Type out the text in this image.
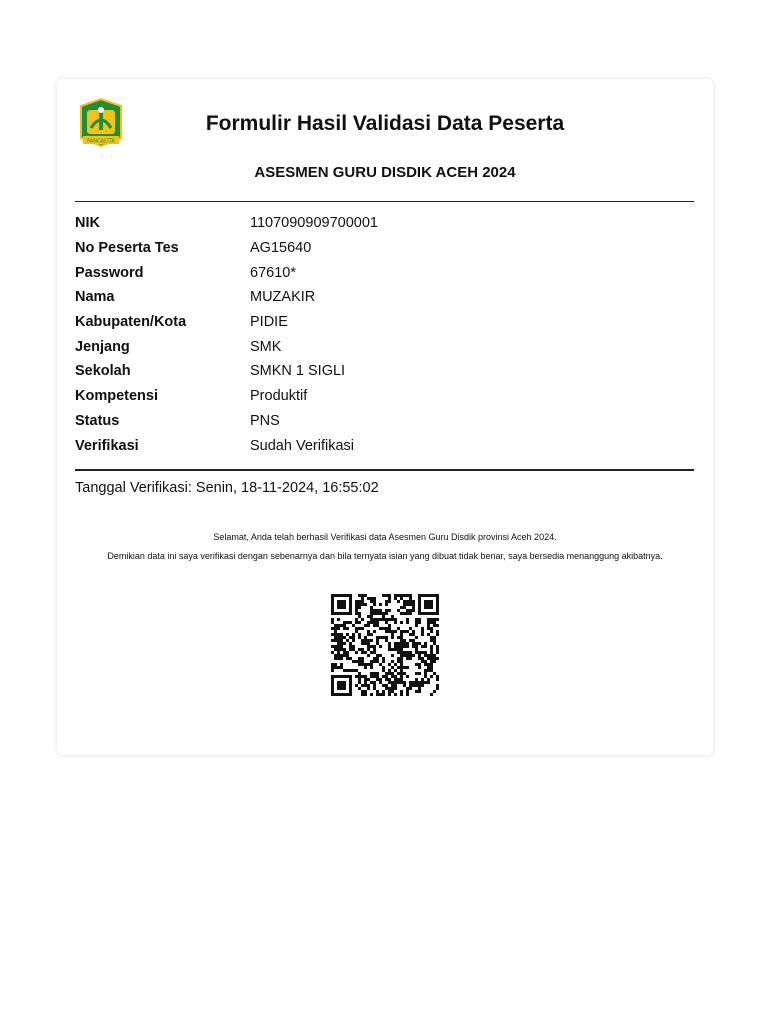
PANCACITA
Formulir Hasil Validasi Data Peserta
ASESMEN GURU DISDIK ACEH 2024
NIK	1107090909700001
No Peserta Tes	AG15640
Password	67610*
Nama	MUZAKIR
Kabupaten/Kota	PIDIE
Jenjang	SMK
Sekolah	SMKN 1 SIGLI
Kompetensi	Produktif
Status	PNS
Verifikasi	Sudah Verifikasi
Tanggal Verifikasi: Senin, 18-11-2024, 16:55:02
Selamat, Anda telah berhasil Verifikasi data Asesmen Guru Disdik provinsi Aceh 2024.
Demikian data ini saya verifikasi dengan sebenarnya dan bila ternyata isian yang dibuat tidak benar, saya bersedia menanggung akibatnya.
